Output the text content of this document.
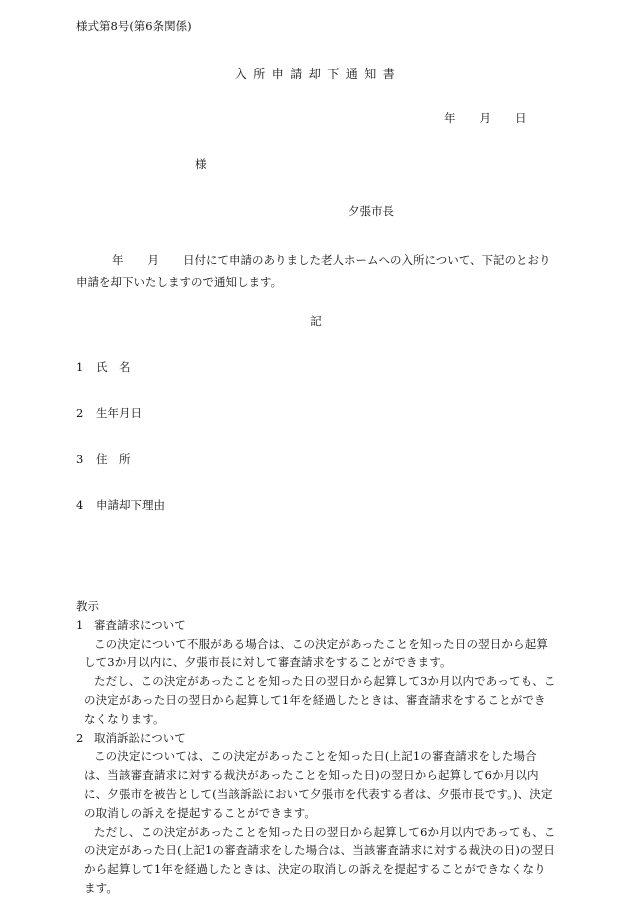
様式第8号(第6条関係)
入所申請却下通知書
年 月 日
様
夕張市長
年 月 日付にて申請のありました老人ホームへの入所について、下記のとおり申請を却下いたしますので通知します。
記
1 氏　名
2 生年月日
3 住　所
4 申請却下理由

教示

1 審査請求について

この決定について不服がある場合は、この決定があったことを知った日の翌日から起算して3か月以内に、夕張市長に対して審査請求をすることができます。

ただし、この決定があったことを知った日の翌日から起算して3か月以内であっても、この決定があった日の翌日から起算して1年を経過したときは、審査請求をすることができなくなります。

2 取消訴訟について

この決定については、この決定があったことを知った日(上記1の審査請求をした場合は、当該審査請求に対する裁決があったことを知った日)の翌日から起算して6か月以内に、夕張市を被告として(当該訴訟において夕張市を代表する者は、夕張市長です。)、決定の取消しの訴えを提起することができます。

ただし、この決定があったことを知った日の翌日から起算して6か月以内であっても、この決定があった日(上記1の審査請求をした場合は、当該審査請求に対する裁決の日)の翌日から起算して1年を経過したときは、決定の取消しの訴えを提起することができなくなります。
